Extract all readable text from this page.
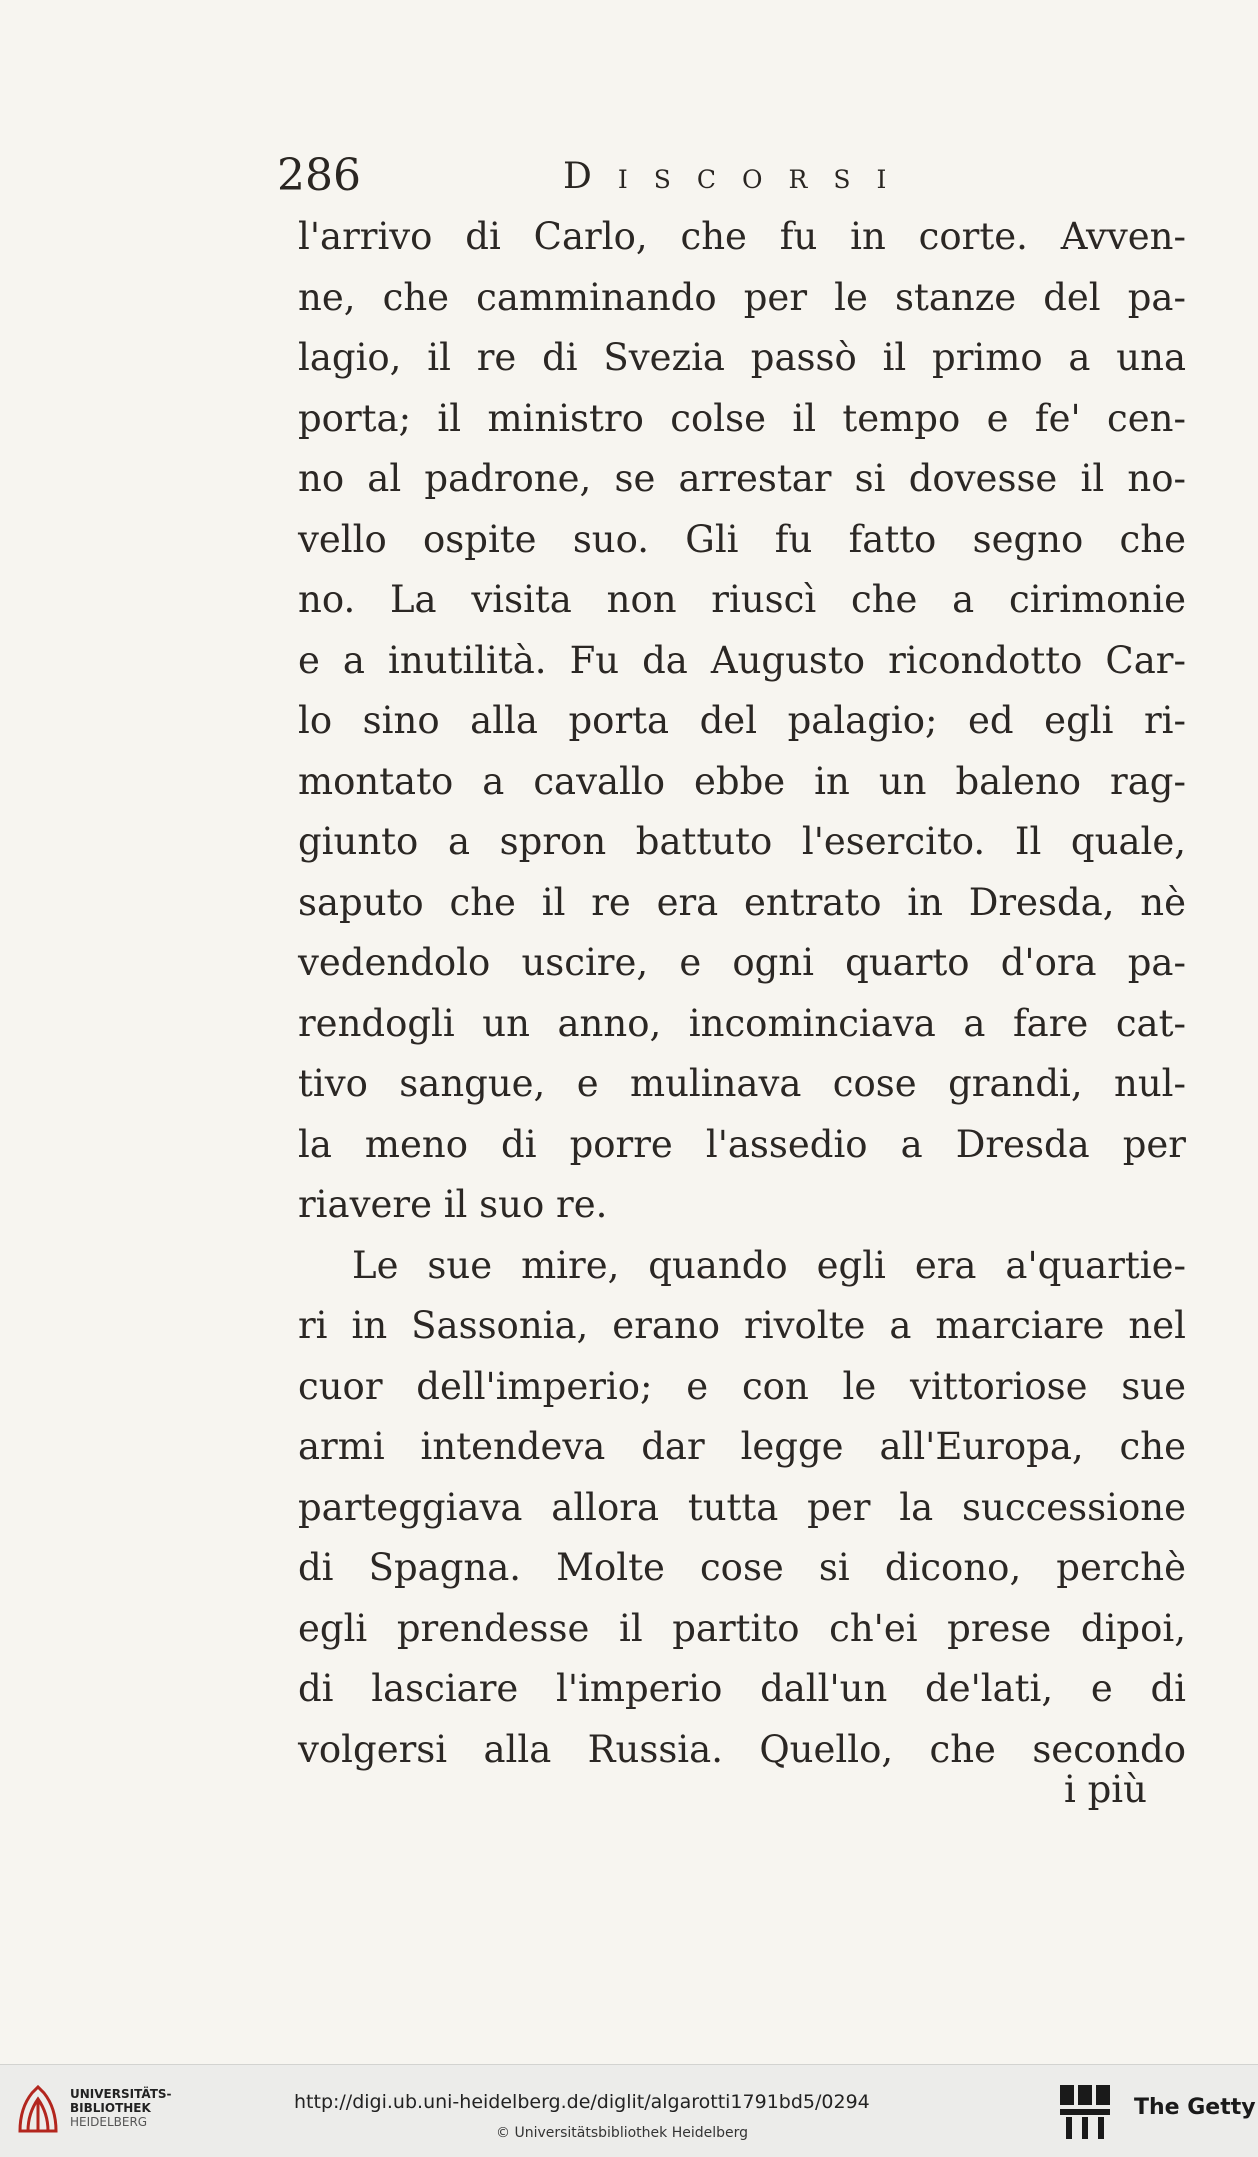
286	Discorsi
l'arrivo di Carlo, che fu in corte. Avven-
ne, che camminando per le stanze del pa-
lagio, il re di Svezia passò il primo a una
porta; il ministro colse il tempo e fe' cen-
no al padrone, se arrestar si dovesse il no-
vello ospite suo. Gli fu fatto segno che
no. La visita non riuscì che a cirimonie
e a inutilità. Fu da Augusto ricondotto Car-
lo sino alla porta del palagio; ed egli ri-
montato a cavallo ebbe in un baleno rag-
giunto a spron battuto l'esercito. Il quale,
saputo che il re era entrato in Dresda, nè
vedendolo uscire, e ogni quarto d'ora pa-
rendogli un anno, incominciava a fare cat-
tivo sangue, e mulinava cose grandi, nul-
la meno di porre l'assedio a Dresda per
riavere il suo re.
Le sue mire, quando egli era a'quartie-
ri in Sassonia, erano rivolte a marciare nel
cuor dell'imperio; e con le vittoriose sue
armi intendeva dar legge all'Europa, che
parteggiava allora tutta per la successione
di Spagna. Molte cose si dicono, perchè
egli prendesse il partito ch'ei prese dipoi,
di lasciare l'imperio dall'un de'lati, e di
volgersi alla Russia. Quello, che secondo
i più
UNIVERSITÄTS-
BIBLIOTHEK
HEIDELBERG
http://digi.ub.uni-heidelberg.de/diglit/algarotti1791bd5/0294
© Universitätsbibliothek Heidelberg
The Getty
